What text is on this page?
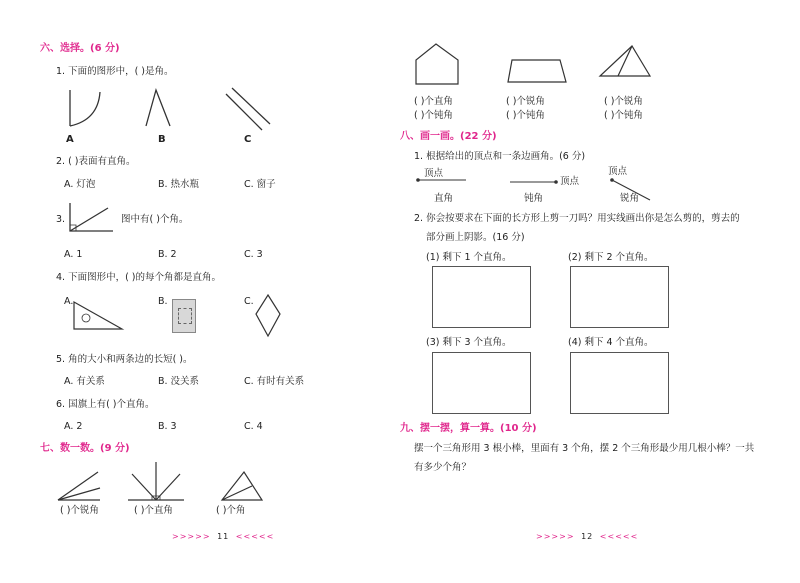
六、选择。(6 分)
1. 下面的图形中，( )是角。
A	B	C
2. ( )表面有直角。
A. 灯泡	B. 热水瓶	C. 窗子
3.	图中有( )个角。
A. 1	B. 2	C. 3
4. 下面图形中，( )的每个角都是直角。
A.	B.	C.
5. 角的大小和两条边的长短( )。
A. 有关系	B. 没关系	C. 有时有关系
6. 国旗上有( )个直角。
A. 2	B. 3	C. 4
七、数一数。(9 分)
( )个锐角	( )个直角	( )个角
>>>>> 11 <<<<<
( )个直角	( )个锐角	( )个锐角
( )个钝角	( )个钝角	( )个钝角
八、画一画。(22 分)
1. 根据给出的顶点和一条边画角。(6 分)
顶点
顶点
顶点
直角	钝角	锐角
2. 你会按要求在下面的长方形上剪一刀吗？用实线画出你是怎么剪的，剪去的
部分画上阴影。(16 分)
(1) 剩下 1 个直角。	(2) 剩下 2 个直角。
(3) 剩下 3 个直角。	(4) 剩下 4 个直角。
九、摆一摆，算一算。(10 分)
摆一个三角形用 3 根小棒，里面有 3 个角，摆 2 个三角形最少用几根小棒？一共
有多少个角？
>>>>> 12 <<<<<
